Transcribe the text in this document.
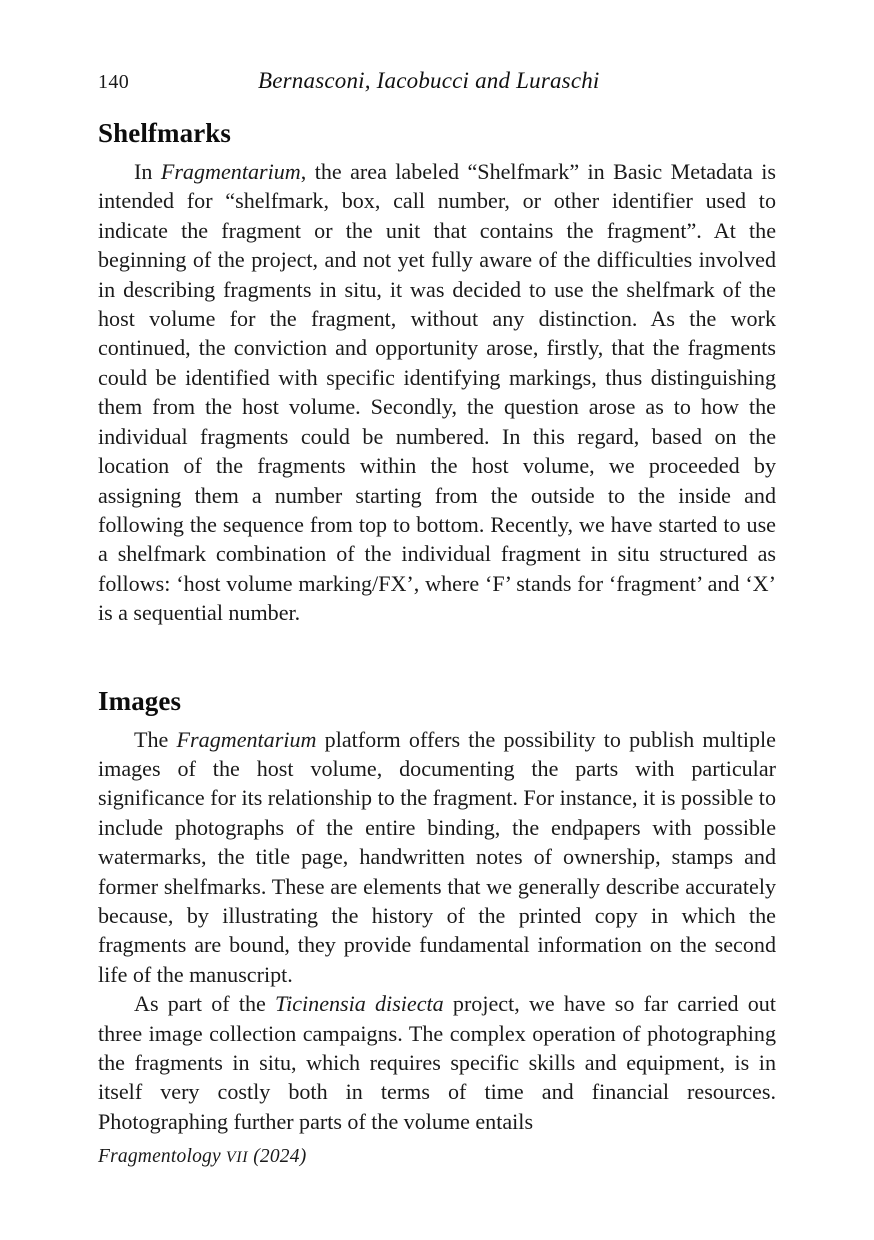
140	Bernasconi, Iacobucci and Luraschi
Shelfmarks

In Fragmentarium, the area labeled “Shelfmark” in Basic Metadata is intended for “shelfmark, box, call number, or other identifier used to indicate the fragment or the unit that contains the fragment”. At the beginning of the project, and not yet fully aware of the difficulties involved in describing fragments in situ, it was decided to use the shelfmark of the host volume for the fragment, without any distinction. As the work continued, the conviction and opportunity arose, firstly, that the fragments could be identified with specific identifying markings, thus distinguishing them from the host volume. Secondly, the question arose as to how the individual fragments could be numbered. In this regard, based on the location of the fragments within the host volume, we proceeded by assigning them a number starting from the outside to the inside and following the sequence from top to bottom. Recently, we have started to use a shelfmark combination of the individual fragment in situ structured as follows: ‘host volume marking/FX’, where ‘F’ stands for ‘fragment’ and ‘X’ is a sequential number.

Images

The Fragmentarium platform offers the possibility to publish multiple images of the host volume, documenting the parts with particular significance for its relationship to the fragment. For instance, it is possible to include photographs of the entire binding, the endpapers with possible watermarks, the title page, handwritten notes of ownership, stamps and former shelfmarks. These are elements that we generally describe accurately because, by illustrating the history of the printed copy in which the fragments are bound, they provide fundamental information on the second life of the manuscript.

As part of the Ticinensia disiecta project, we have so far carried out three image collection campaigns. The complex operation of photographing the fragments in situ, which requires specific skills and equipment, is in itself very costly both in terms of time and financial resources. Photographing further parts of the volume entails

Fragmentology VII (2024)
